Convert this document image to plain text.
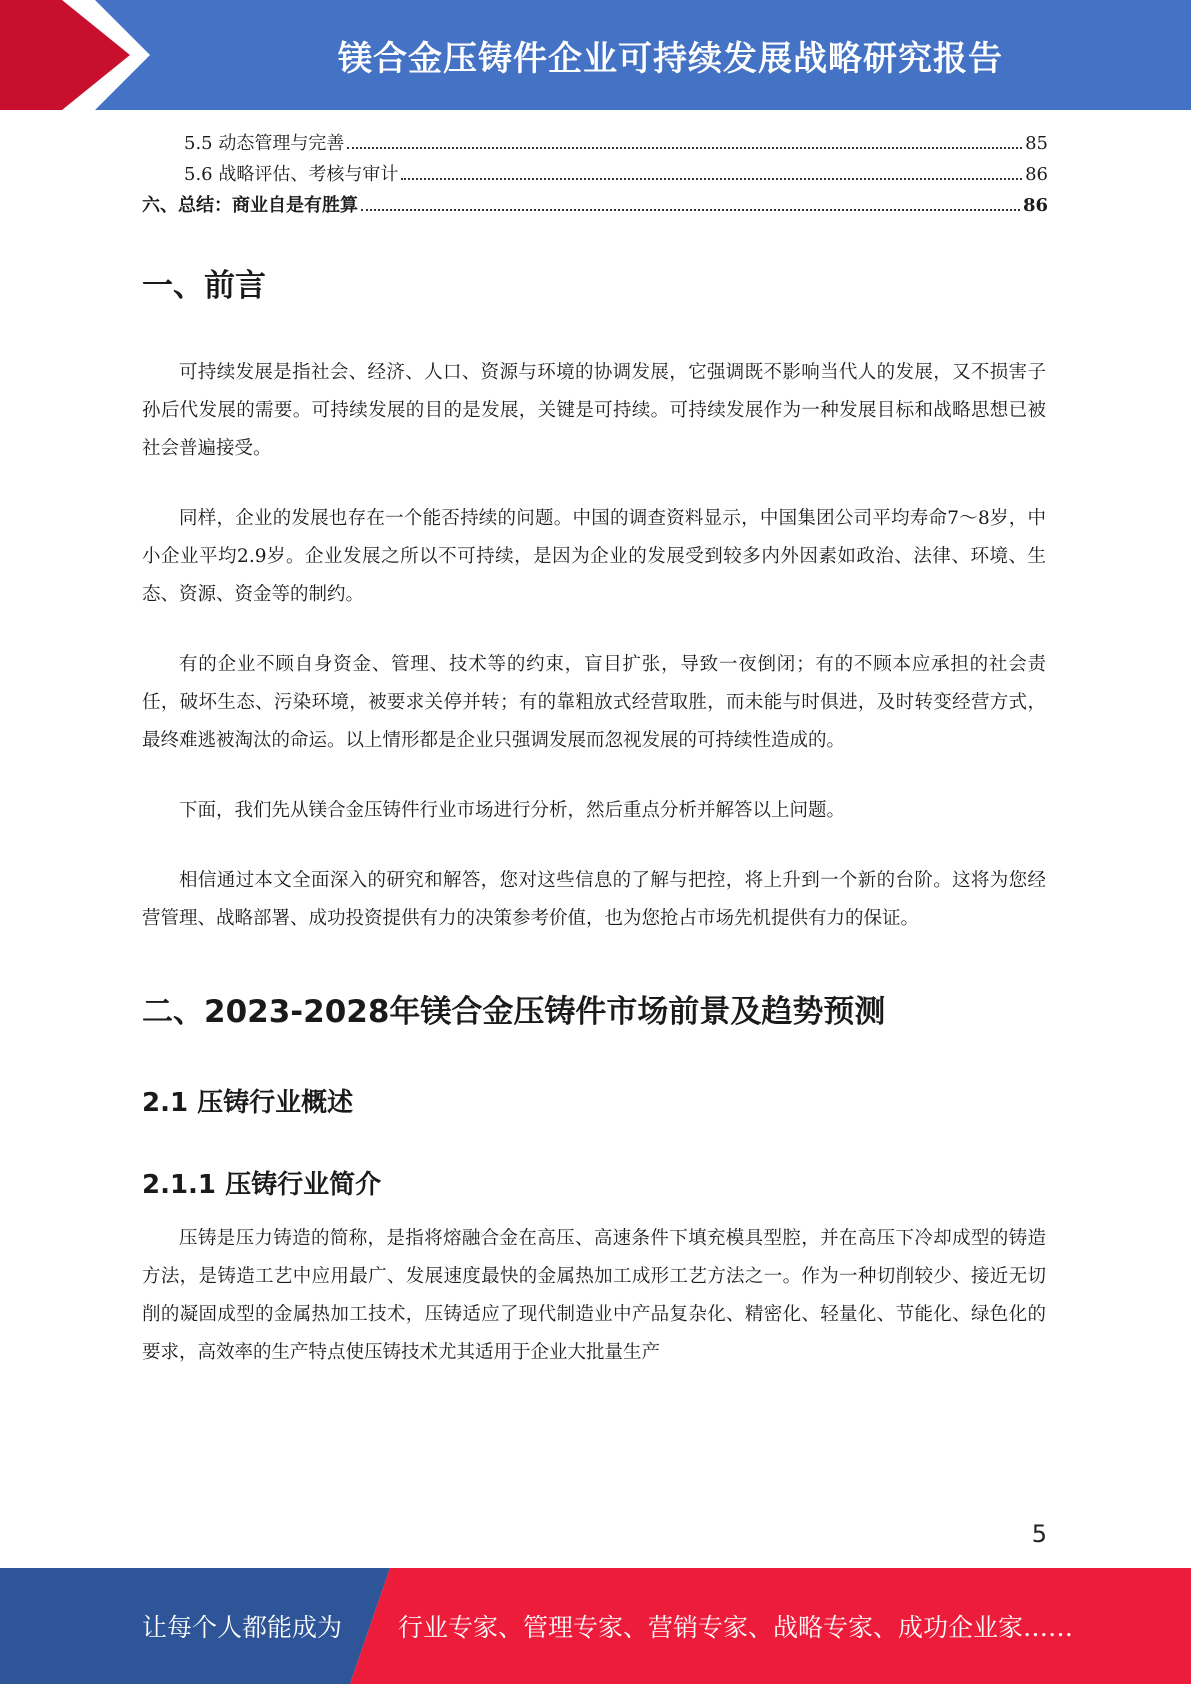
镁合金压铸件企业可持续发展战略研究报告
5.5 动态管理与完善	85
5.6 战略评估、考核与审计	86
六、总结：商业自是有胜算	86
一、前言

可持续发展是指社会、经济、人口、资源与环境的协调发展，它强调既不影响当代人的发展，又不损害子孙后代发展的需要。可持续发展的目的是发展，关键是可持续。可持续发展作为一种发展目标和战略思想已被社会普遍接受。

同样，企业的发展也存在一个能否持续的问题。中国的调查资料显示，中国集团公司平均寿命7～8岁，中小企业平均2.9岁。企业发展之所以不可持续，是因为企业的发展受到较多内外因素如政治、法律、环境、生态、资源、资金等的制约。

有的企业不顾自身资金、管理、技术等的约束，盲目扩张，导致一夜倒闭；有的不顾本应承担的社会责任，破坏生态、污染环境，被要求关停并转；有的靠粗放式经营取胜，而未能与时俱进，及时转变经营方式，最终难逃被淘汰的命运。以上情形都是企业只强调发展而忽视发展的可持续性造成的。

下面，我们先从镁合金压铸件行业市场进行分析，然后重点分析并解答以上问题。

相信通过本文全面深入的研究和解答，您对这些信息的了解与把控，将上升到一个新的台阶。这将为您经营管理、战略部署、成功投资提供有力的决策参考价值，也为您抢占市场先机提供有力的保证。

二、2023-2028年镁合金压铸件市场前景及趋势预测
2.1 压铸行业概述
2.1.1 压铸行业简介

压铸是压力铸造的简称，是指将熔融合金在高压、高速条件下填充模具型腔，并在高压下冷却成型的铸造方法，是铸造工艺中应用最广、发展速度最快的金属热加工成形工艺方法之一。作为一种切削较少、接近无切削的凝固成型的金属热加工技术，压铸适应了现代制造业中产品复杂化、精密化、轻量化、节能化、绿色化的要求，高效率的生产特点使压铸技术尤其适用于企业大批量生产

5
让每个人都能成为 行业专家、管理专家、营销专家、战略专家、成功企业家……
